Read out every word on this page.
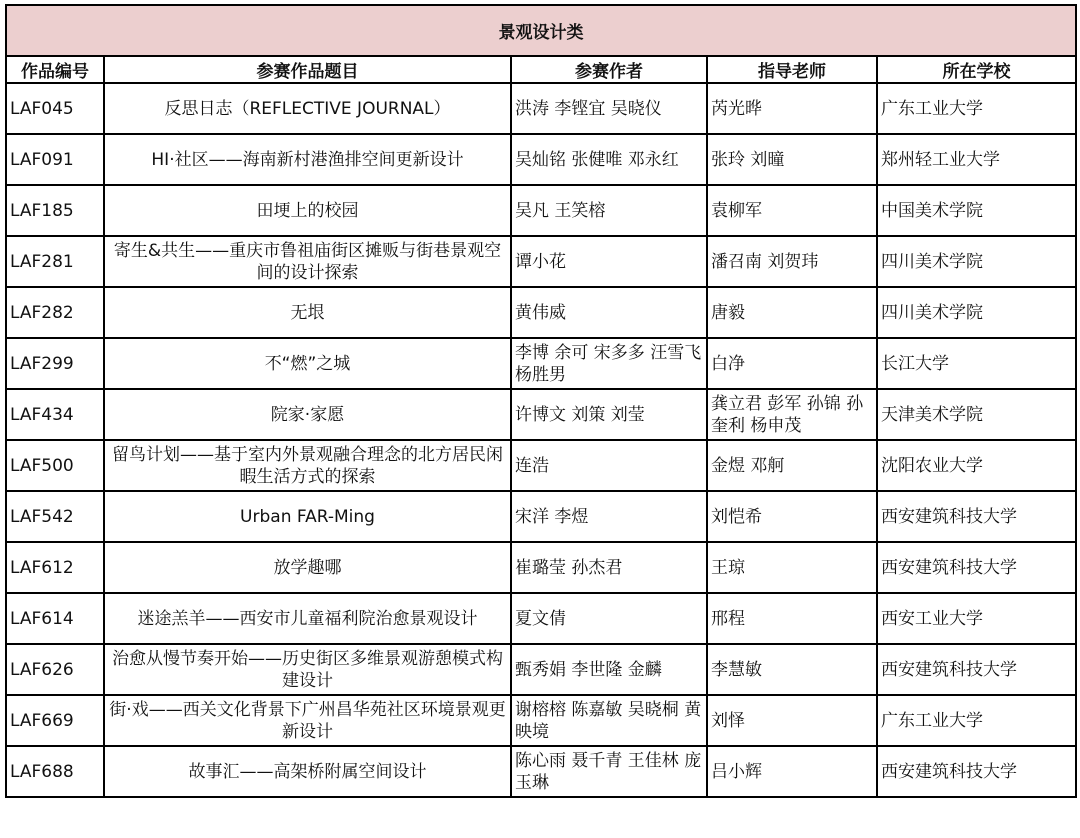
景观设计类				
作品编号	参赛作品题目	参赛作者	指导老师	所在学校
LAF045	反思日志（REFLECTIVE JOURNAL）	洪涛 李铿宜 吴晓仪	芮光晔	广东工业大学
LAF091	HI·社区——海南新村港渔排空间更新设计	吴灿铭 张健唯 邓永红	张玲 刘曈	郑州轻工业大学
LAF185	田埂上的校园	吴凡 王笑榕	袁柳军	中国美术学院
LAF281	寄生&共生——重庆市鲁祖庙街区摊贩与街巷景观空间的设计探索	谭小花	潘召南 刘贺玮	四川美术学院
LAF282	无垠	黄伟威	唐毅	四川美术学院
LAF299	不“燃”之城	李博 余可 宋多多 汪雪飞 杨胜男	白净	长江大学
LAF434	院家·家愿	许博文 刘策 刘莹	龚立君 彭军 孙锦 孙奎利 杨申茂	天津美术学院
LAF500	留鸟计划——基于室内外景观融合理念的北方居民闲暇生活方式的探索	连浩	金煜 邓舸	沈阳农业大学
LAF542	Urban FAR-Ming	宋洋 李煜	刘恺希	西安建筑科技大学
LAF612	放学趣哪	崔璐莹 孙杰君	王琼	西安建筑科技大学
LAF614	迷途羔羊——西安市儿童福利院治愈景观设计	夏文倩	邢程	西安工业大学
LAF626	治愈从慢节奏开始——历史街区多维景观游憩模式构建设计	甄秀娟 李世隆 金麟	李慧敏	西安建筑科技大学
LAF669	街·戏——西关文化背景下广州昌华苑社区环境景观更新设计	谢榕榕 陈嘉敏 吴晓桐 黄映境	刘怿	广东工业大学
LAF688	故事汇——高架桥附属空间设计	陈心雨 聂千青 王佳林 庞玉琳	吕小辉	西安建筑科技大学
